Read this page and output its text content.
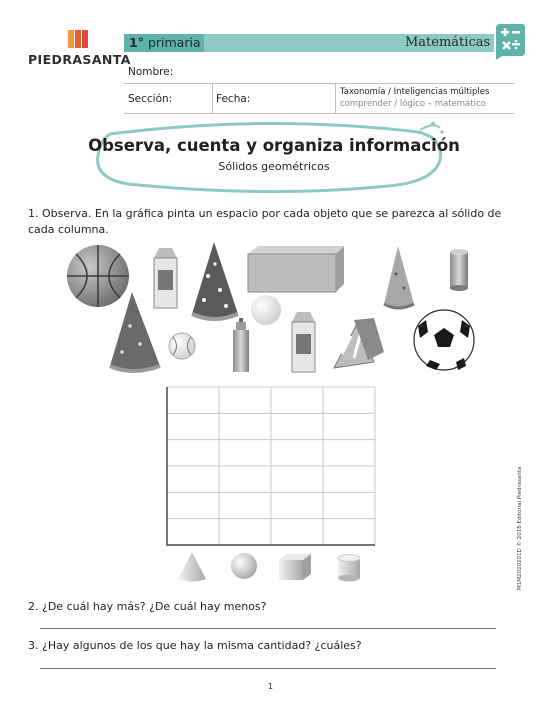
PIEDRASANTA
1° primaria	Matemáticas
Nombre:
Sección:	Fecha:
Taxonomía / Inteligencias múltiples
comprender / lógico – matemático
Observa, cuenta y organiza información
Sólidos geométricos
1. Observa. En la gráfica pinta un espacio por cada objeto que se parezca al sólido de cada columna.
2. ¿De cuál hay más? ¿De cuál hay menos?
3. ¿Hay algunos de los que hay la misma cantidad? ¿cuáles?
1
M1M2020201D © 2018 Editorial Piedrasanta
